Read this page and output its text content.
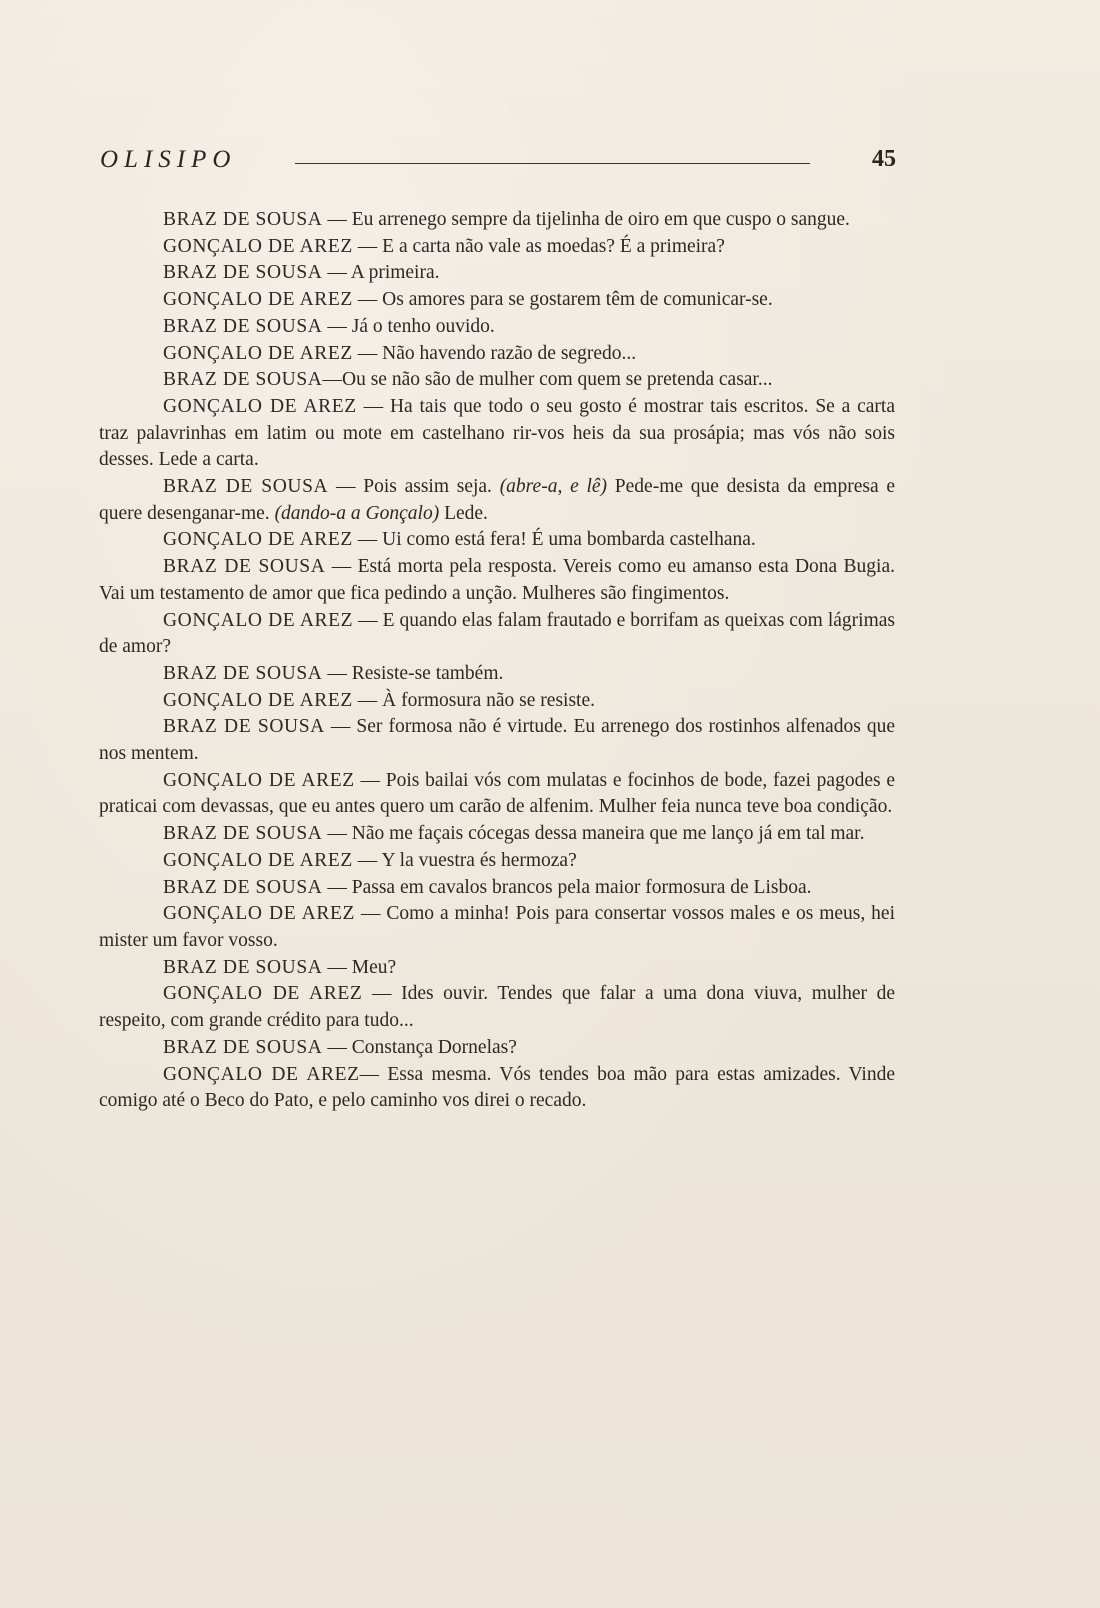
OLISIPO	45

BRAZ DE SOUSA — Eu arrenego sempre da tijelinha de oiro em que cuspo o sangue.

GONÇALO DE AREZ — E a carta não vale as moedas? É a primeira?

BRAZ DE SOUSA — A primeira.

GONÇALO DE AREZ — Os amores para se gostarem têm de comunicar-se.

BRAZ DE SOUSA — Já o tenho ouvido.

GONÇALO DE AREZ — Não havendo razão de segredo...

BRAZ DE SOUSA—Ou se não são de mulher com quem se pretenda casar...

GONÇALO DE AREZ — Ha tais que todo o seu gosto é mostrar tais escritos. Se a carta traz palavrinhas em latim ou mote em castelhano rir-vos heis da sua prosápia; mas vós não sois desses. Lede a carta.

BRAZ DE SOUSA — Pois assim seja. (abre-a, e lê) Pede-me que desista da empresa e quere desenganar-me. (dando-a a Gonçalo) Lede.

GONÇALO DE AREZ — Ui como está fera! É uma bombarda castelhana.

BRAZ DE SOUSA — Está morta pela resposta. Vereis como eu amanso esta Dona Bugia. Vai um testamento de amor que fica pedindo a unção. Mulheres são fingimentos.

GONÇALO DE AREZ — E quando elas falam frautado e borrifam as queixas com lágrimas de amor?

BRAZ DE SOUSA — Resiste-se também.

GONÇALO DE AREZ — À formosura não se resiste.

BRAZ DE SOUSA — Ser formosa não é virtude. Eu arrenego dos rostinhos alfenados que nos mentem.

GONÇALO DE AREZ — Pois bailai vós com mulatas e focinhos de bode, fazei pagodes e praticai com devassas, que eu antes quero um carão de alfenim. Mulher feia nunca teve boa condição.

BRAZ DE SOUSA — Não me façais cócegas dessa maneira que me lanço já em tal mar.

GONÇALO DE AREZ — Y la vuestra és hermoza?

BRAZ DE SOUSA — Passa em cavalos brancos pela maior formosura de Lisboa.

GONÇALO DE AREZ — Como a minha! Pois para consertar vossos males e os meus, hei mister um favor vosso.

BRAZ DE SOUSA — Meu?

GONÇALO DE AREZ — Ides ouvir. Tendes que falar a uma dona viuva, mulher de respeito, com grande crédito para tudo...

BRAZ DE SOUSA — Constança Dornelas?

GONÇALO DE AREZ— Essa mesma. Vós tendes boa mão para estas amizades. Vinde comigo até o Beco do Pato, e pelo caminho vos direi o recado.
